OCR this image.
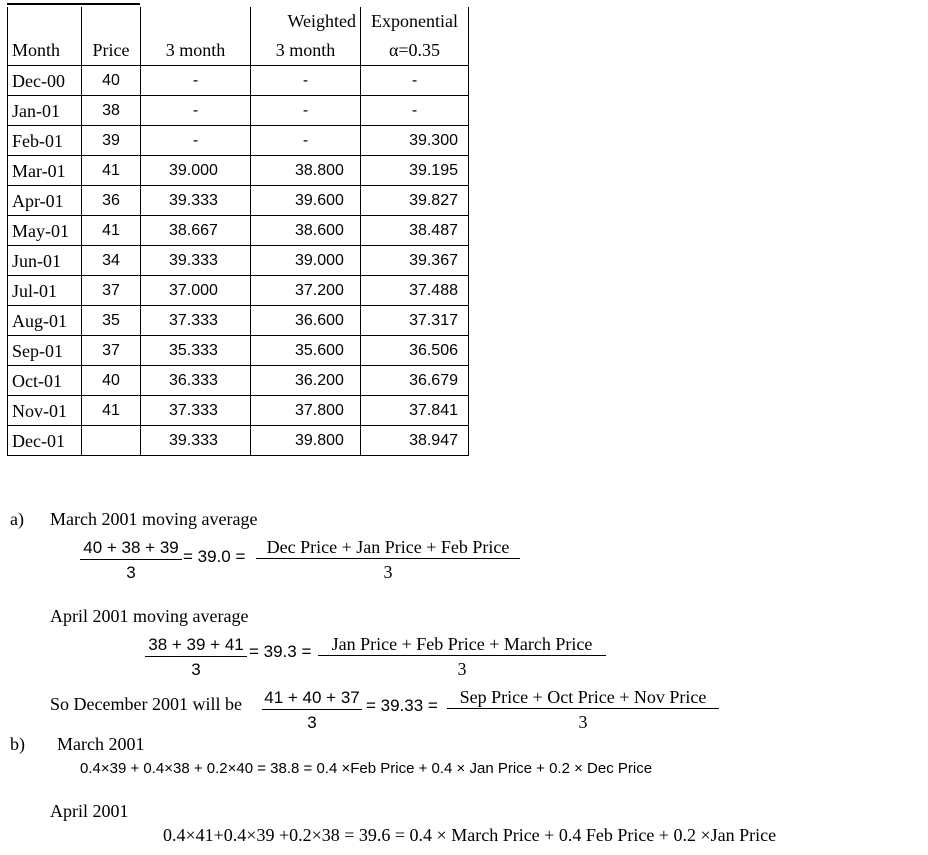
			Weighted	Exponential
Month	Price	3 month	3 month	α=0.35
Dec-00	40	-	-	-
Jan-01	38	-	-	-
Feb-01	39	-	-	39.300
Mar-01	41	39.000	38.800	39.195
Apr-01	36	39.333	39.600	39.827
May-01	41	38.667	38.600	38.487
Jun-01	34	39.333	39.000	39.367
Jul-01	37	37.000	37.200	37.488
Aug-01	35	37.333	36.600	37.317
Sep-01	37	35.333	35.600	36.506
Oct-01	40	36.333	36.200	36.679
Nov-01	41	37.333	37.800	37.841
Dec-01		39.333	39.800	38.947
a) March 2001 moving average
$\frac{40 + 38 + 39}{3} = 39.0$ =	Dec Price + Jan Price + Feb Price
3
April 2001 moving average
$\frac{38 + 39 + 41}{3} = 39.3$ =	Jan Price + Feb Price + March Price
3
So December 2001 will be $\frac{41 + 40 + 37}{3} = 39.33$ =	Sep Price + Oct Price + Nov Price
3
b) March 2001
0.4×39 + 0.4×38 + 0.2×40 = 38.8 = 0.4 ×Feb Price + 0.4 × Jan Price + 0.2 × Dec Price
April 2001
0.4×41+0.4×39 +0.2×38 = 39.6 = 0.4 × March Price + 0.4 Feb Price + 0.2 ×Jan Price
